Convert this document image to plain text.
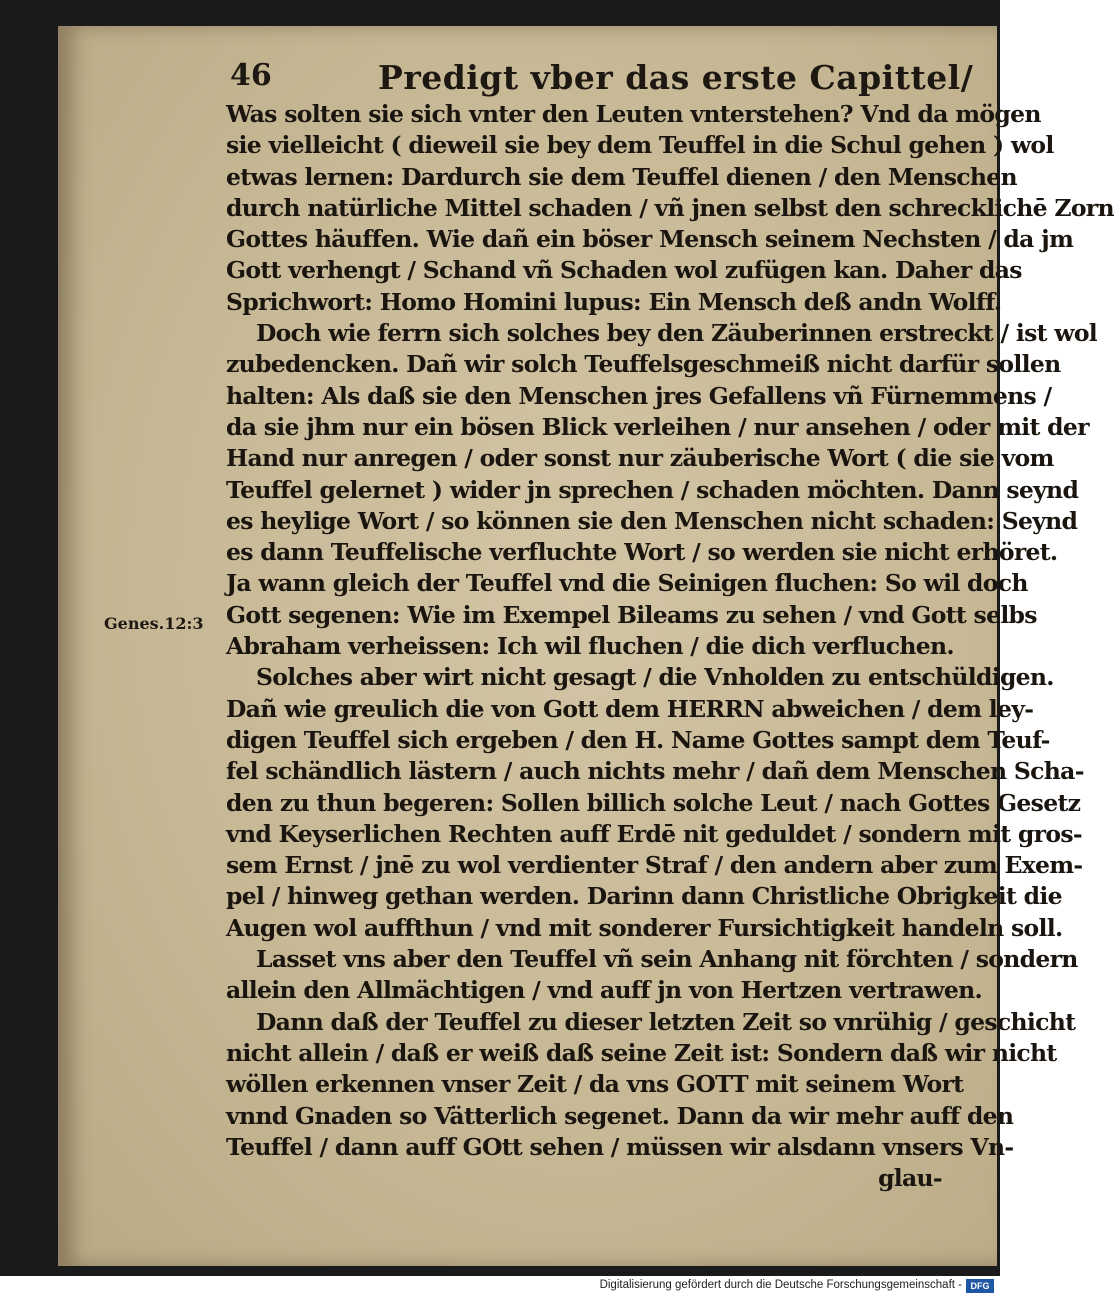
46	Predigt vber das erste Capittel/
Genes.12:3
Was solten sie sich vnter den Leuten vnterstehen? Vnd da mögen
sie vielleicht ( dieweil sie bey dem Teuffel in die Schul gehen ) wol
etwas lernen: Dardurch sie dem Teuffel dienen / den Menschen
durch natürliche Mittel schaden / vñ jnen selbst den schrecklichē Zorn
Gottes häuffen. Wie dañ ein böser Mensch seinem Nechsten / da jm
Gott verhengt / Schand vñ Schaden wol zufügen kan. Daher das
Sprichwort: Homo Homini lupus: Ein Mensch deß andn Wolff.
Doch wie ferrn sich solches bey den Zäuberinnen erstreckt / ist wol
zubedencken. Dañ wir solch Teuffelsgeschmeiß nicht darfür sollen
halten: Als daß sie den Menschen jres Gefallens vñ Fürnemmens /
da sie jhm nur ein bösen Blick verleihen / nur ansehen / oder mit der
Hand nur anregen / oder sonst nur zäuberische Wort ( die sie vom
Teuffel gelernet ) wider jn sprechen / schaden möchten. Dann seynd
es heylige Wort / so können sie den Menschen nicht schaden: Seynd
es dann Teuffelische verfluchte Wort / so werden sie nicht erhöret.
Ja wann gleich der Teuffel vnd die Seinigen fluchen: So wil doch
Gott segenen: Wie im Exempel Bileams zu sehen / vnd Gott selbs
Abraham verheissen: Ich wil fluchen / die dich verfluchen.
Solches aber wirt nicht gesagt / die Vnholden zu entschüldigen.
Dañ wie greulich die von Gott dem HERRN abweichen / dem ley-
digen Teuffel sich ergeben / den H. Name Gottes sampt dem Teuf-
fel schändlich lästern / auch nichts mehr / dañ dem Menschen Scha-
den zu thun begeren: Sollen billich solche Leut / nach Gottes Gesetz
vnd Keyserlichen Rechten auff Erdē nit geduldet / sondern mit gros-
sem Ernst / jnē zu wol verdienter Straf / den andern aber zum Exem-
pel / hinweg gethan werden. Darinn dann Christliche Obrigkeit die
Augen wol auffthun / vnd mit sonderer Fursichtigkeit handeln soll.
Lasset vns aber den Teuffel vñ sein Anhang nit förchten / sondern
allein den Allmächtigen / vnd auff jn von Hertzen vertrawen.
Dann daß der Teuffel zu dieser letzten Zeit so vnrühig / geschicht
nicht allein / daß er weiß daß seine Zeit ist: Sondern daß wir nicht
wöllen erkennen vnser Zeit / da vns GOTT mit seinem Wort
vnnd Gnaden so Vätterlich segenet. Dann da wir mehr auff den
Teuffel / dann auff GOtt sehen / müssen wir alsdann vnsers Vn-
glau-
Digitalisierung gefördert durch die Deutsche Forschungsgemeinschaft - DFG
